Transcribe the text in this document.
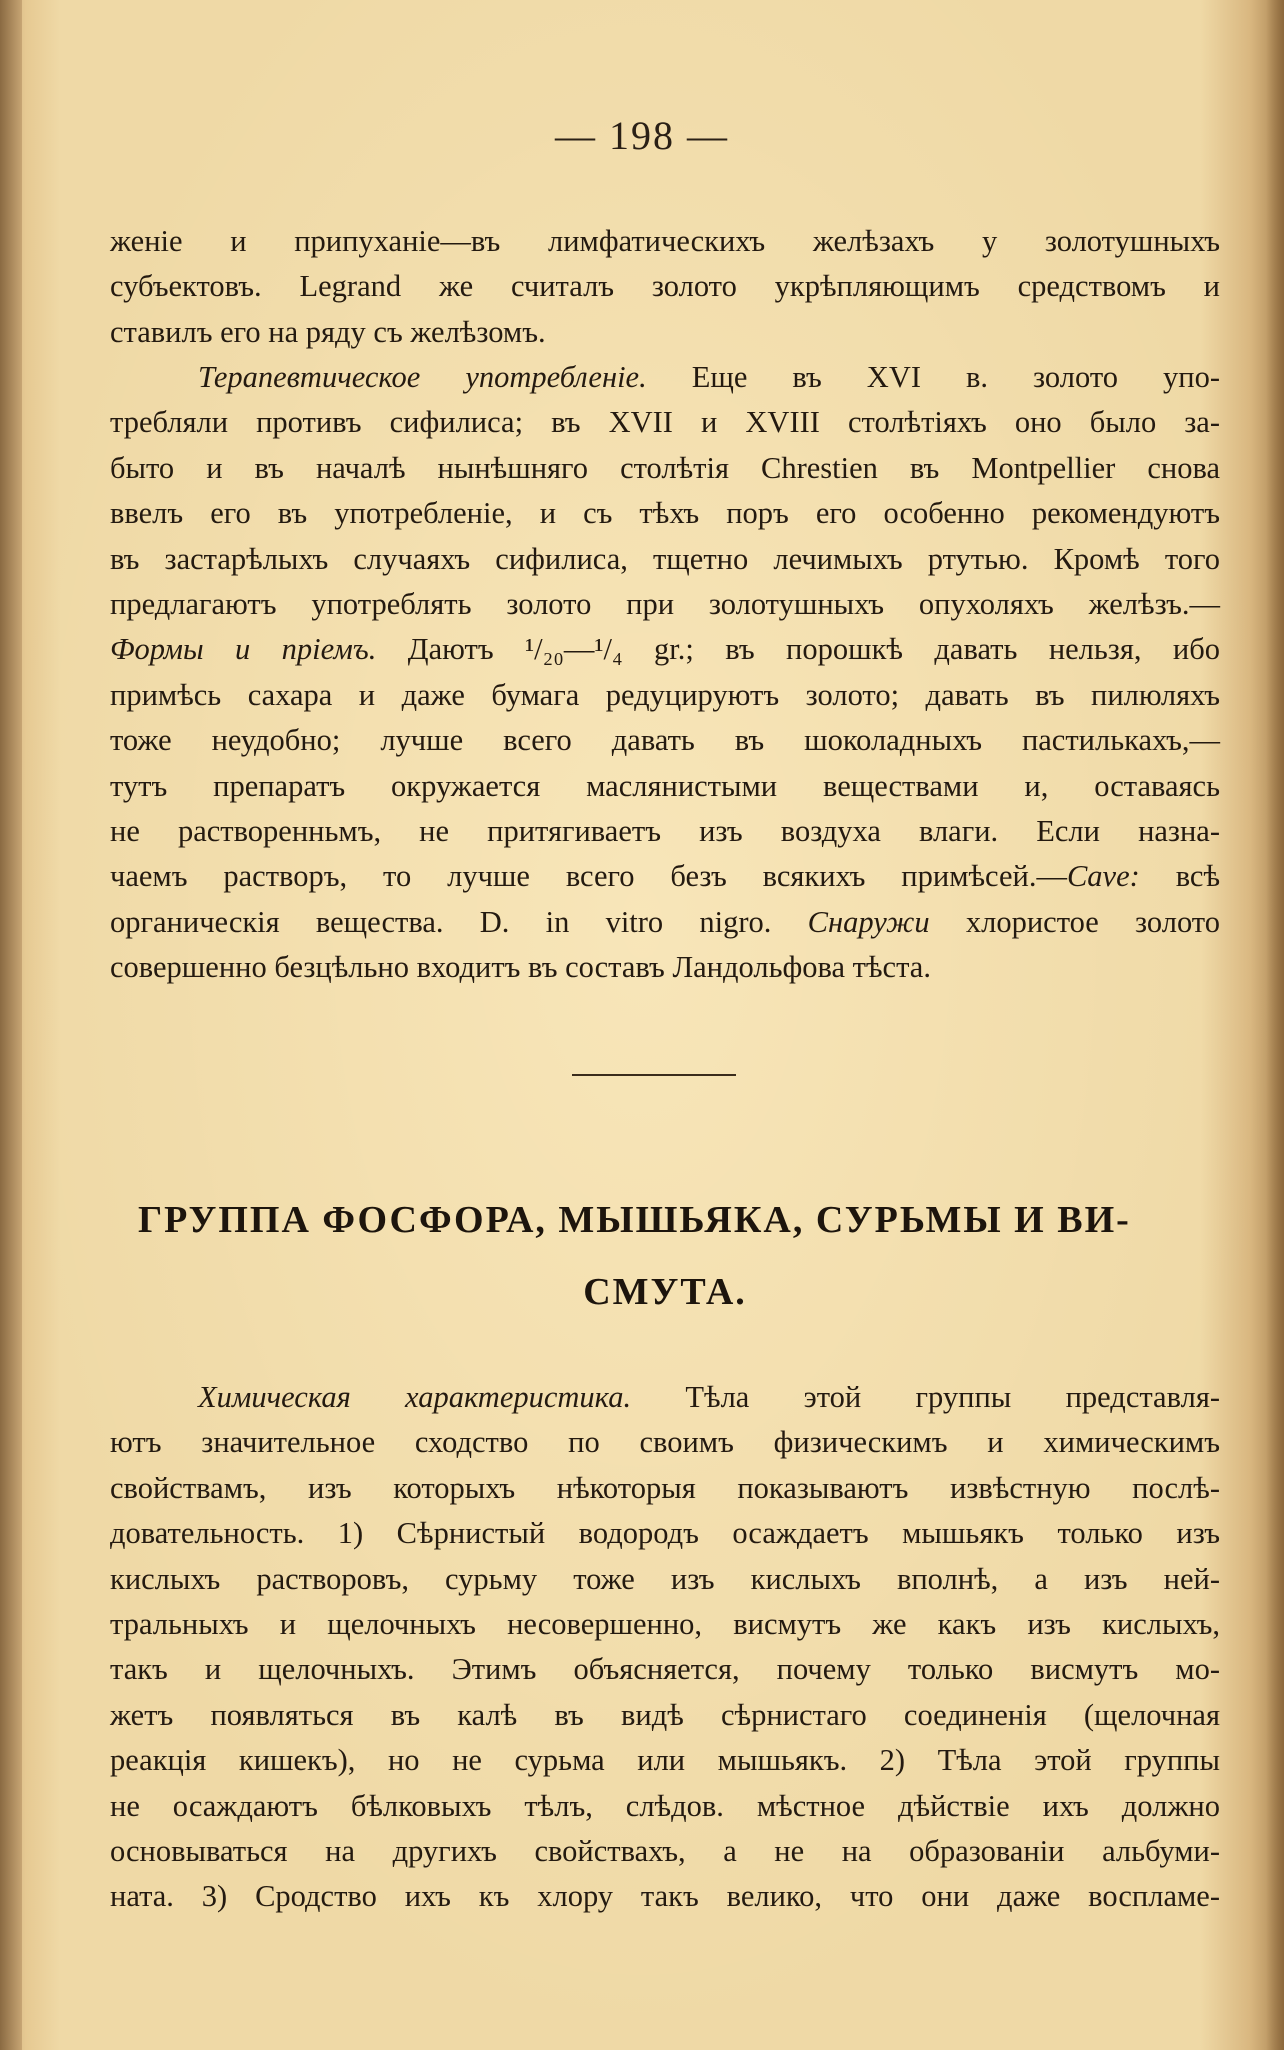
— 198 —
женіе и припуханіе—въ лимфатическихъ желѣзахъ у золотушныхъ
субъектовъ. Legrand же считалъ золото укрѣпляющимъ средствомъ и
ставилъ его на ряду съ желѣзомъ.
Терапевтическое употребленіе. Еще въ XVI в. золото упо-
требляли противъ сифилиса; въ XVII и XVIII столѣтіяхъ оно было за-
быто и въ началѣ нынѣшняго столѣтія Chrestien въ Montpellier снова
ввелъ его въ употребленіе, и съ тѣхъ поръ его особенно рекомендуютъ
въ застарѣлыхъ случаяхъ сифилиса, тщетно лечимыхъ ртутью. Кромѣ того
предлагаютъ употреблять золото при золотушныхъ опухоляхъ желѣзъ.—
Формы и пріемъ. Даютъ ¹/₂₀—¹/₄ gr.; въ порошкѣ давать нельзя, ибо
примѣсь сахара и даже бумага редуцируютъ золото; давать въ пилюляхъ
тоже неудобно; лучше всего давать въ шоколадныхъ пастилькахъ,—
тутъ препаратъ окружается маслянистыми веществами и, оставаясь
не растворенньмъ, не притягиваетъ изъ воздуха влаги. Если назна-
чаемъ растворъ, то лучше всего безъ всякихъ примѣсей.—Cave: всѣ
органическія вещества. D. in vitro nigro. Снаружи хлористое золото
совершенно безцѣльно входитъ въ составъ Ландольфова тѣста.
ГРУППА ФОСФОРА, МЫШЬЯКА, СУРЬМЫ И ВИ-
СМУТА.
Химическая характеристика. Тѣла этой группы представля-
ютъ значительное сходство по своимъ физическимъ и химическимъ
свойствамъ, изъ которыхъ нѣкоторыя показываютъ извѣстную послѣ-
довательность. 1) Сѣрнистый водородъ осаждаетъ мышьякъ только изъ
кислыхъ растворовъ, сурьму тоже изъ кислыхъ вполнѣ, а изъ ней-
тральныхъ и щелочныхъ несовершенно, висмутъ же какъ изъ кислыхъ,
такъ и щелочныхъ. Этимъ объясняется, почему только висмутъ мо-
жетъ появляться въ калѣ въ видѣ сѣрнистаго соединенія (щелочная
реакція кишекъ), но не сурьма или мышьякъ. 2) Тѣла этой группы
не осаждаютъ бѣлковыхъ тѣлъ, слѣдов. мѣстное дѣйствіе ихъ должно
основываться на другихъ свойствахъ, а не на образованіи альбуми-
ната. 3) Сродство ихъ къ хлору такъ велико, что они даже воспламе-
